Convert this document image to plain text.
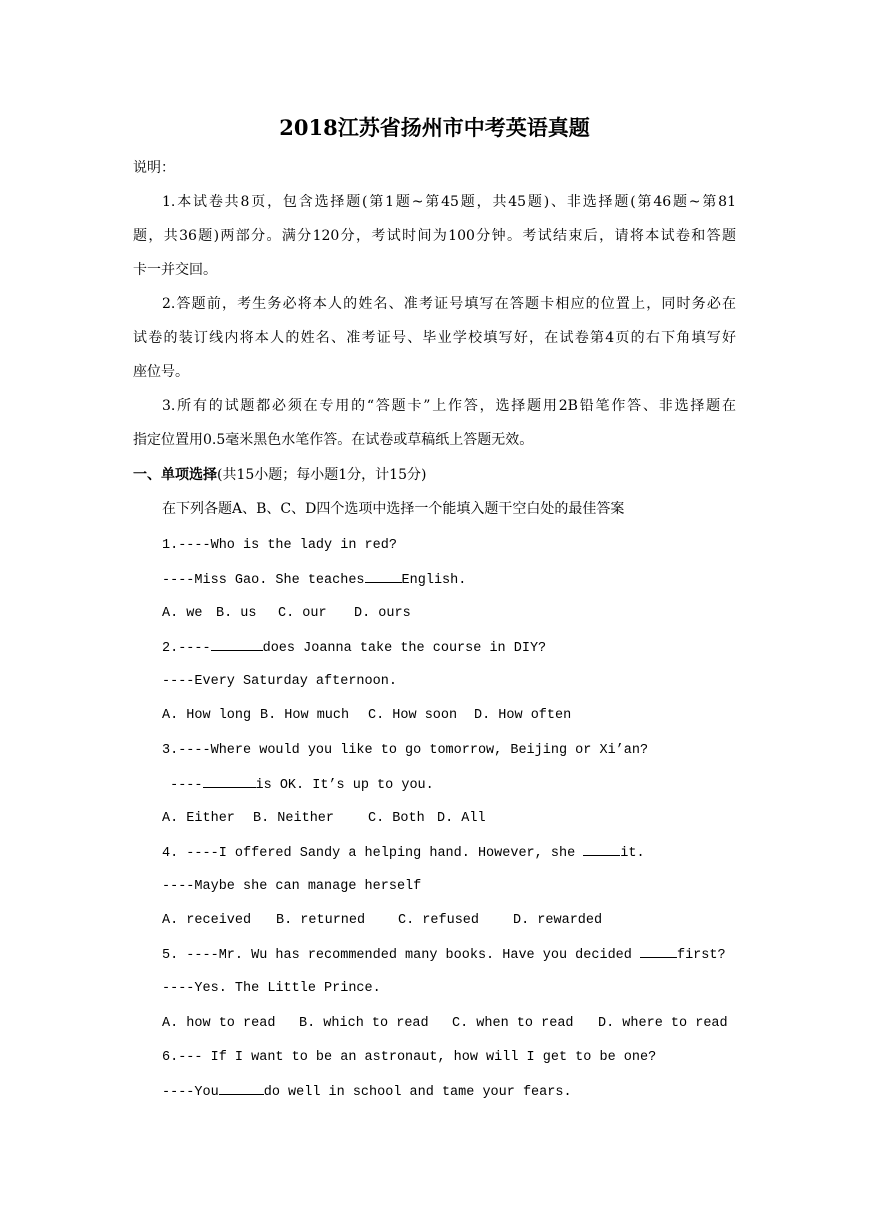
2018江苏省扬州市中考英语真题
说明：
1.本试卷共8页，包含选择题(第1题~第45题，共45题)、非选择题(第46题~第81
题，共36题)两部分。满分120分，考试时间为100分钟。考试结束后，请将本试卷和答题
卡一并交回。
2.答题前，考生务必将本人的姓名、准考证号填写在答题卡相应的位置上，同时务必在
试卷的装订线内将本人的姓名、准考证号、毕业学校填写好，在试卷第4页的右下角填写好
座位号。
3.所有的试题都必须在专用的“答题卡”上作答，选择题用2B铅笔作答、非选择题在
指定位置用0.5毫米黑色水笔作答。在试卷或草稿纸上答题无效。
一、单项选择(共15小题；每小题1分，计15分)
在下列各题A、B、C、D四个选项中选择一个能填入题干空白处的最佳答案
1.----Who is the lady in red?
----Miss Gao. She teaches	English.
A. we B. us C. our D. ours
2.----	does Joanna take the course in DIY?
----Every Saturday afternoon.
A. How long B. How much C. How soon D. How often
3.----Where would you like to go tomorrow, Beijing or Xi’an?
----	is OK. It’s up to you.
A. Either B. Neither	C. Both D. All
4. ----I offered Sandy a helping hand. However, she	it.
----Maybe she can manage herself
A. received B. returned C. refused	D. rewarded
5. ----Mr. Wu has recommended many books. Have you decided	first?
----Yes. The Little Prince.
A. how to read B. which to read C. when to read D. where to read
6.--- If I want to be an astronaut, how will I get to be one?
----You	do well in school and tame your fears.
